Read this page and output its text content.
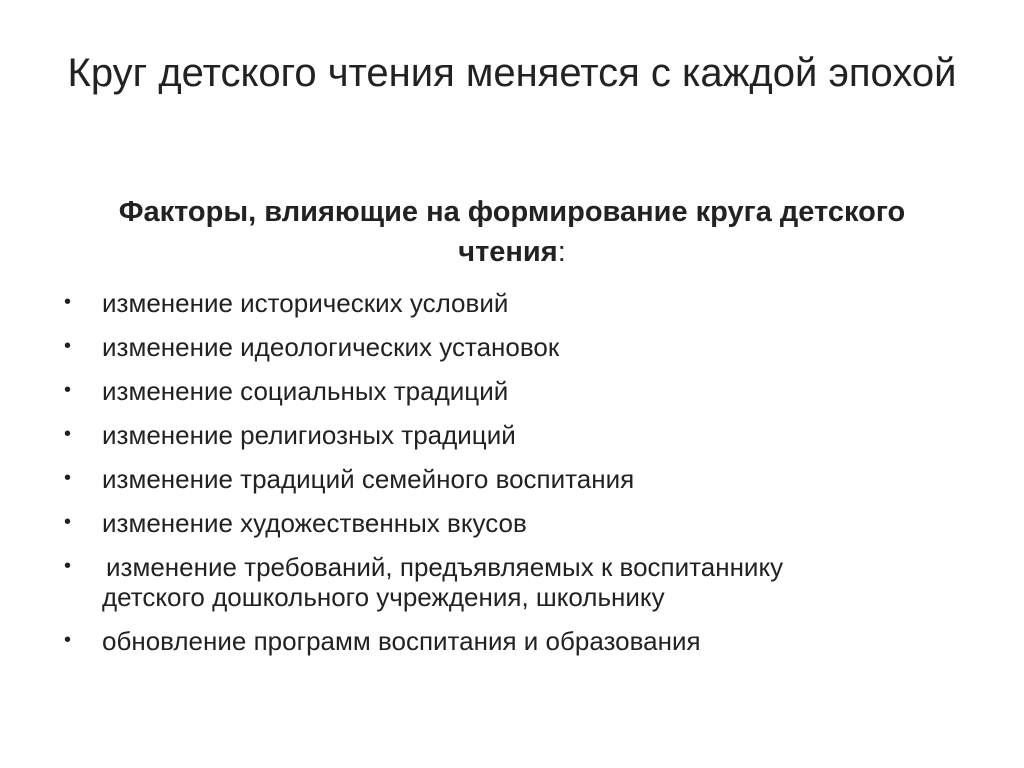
Круг детского чтения меняется с каждой эпохой
Факторы, влияющие на формирование круга детского чтения:
• изменение исторических условий
• изменение идеологических установок
• изменение социальных традиций
• изменение религиозных традиций
• изменение традиций семейного воспитания
• изменение художественных вкусов
• изменение требований, предъявляемых к воспитаннику
детского дошкольного учреждения, школьнику
• обновление программ воспитания и образования
